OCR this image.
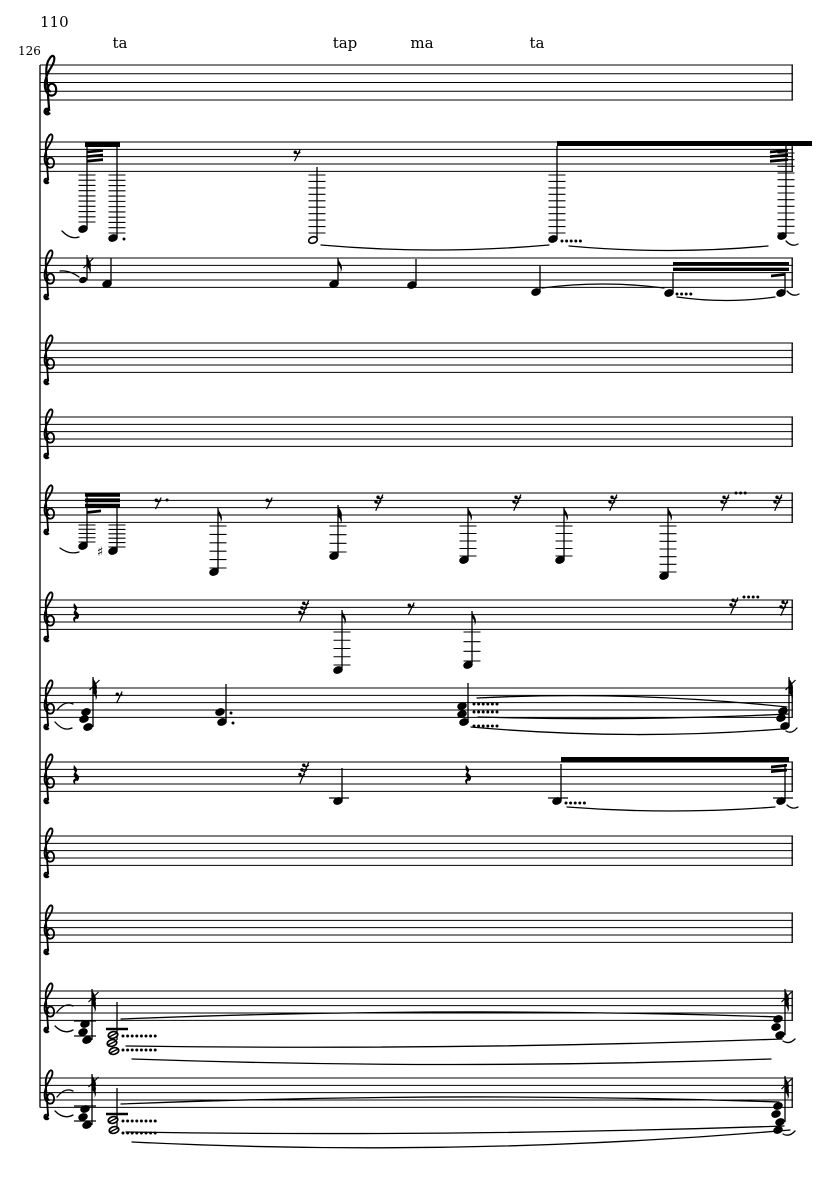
110
126	ta	tap	ma	ta
♯
